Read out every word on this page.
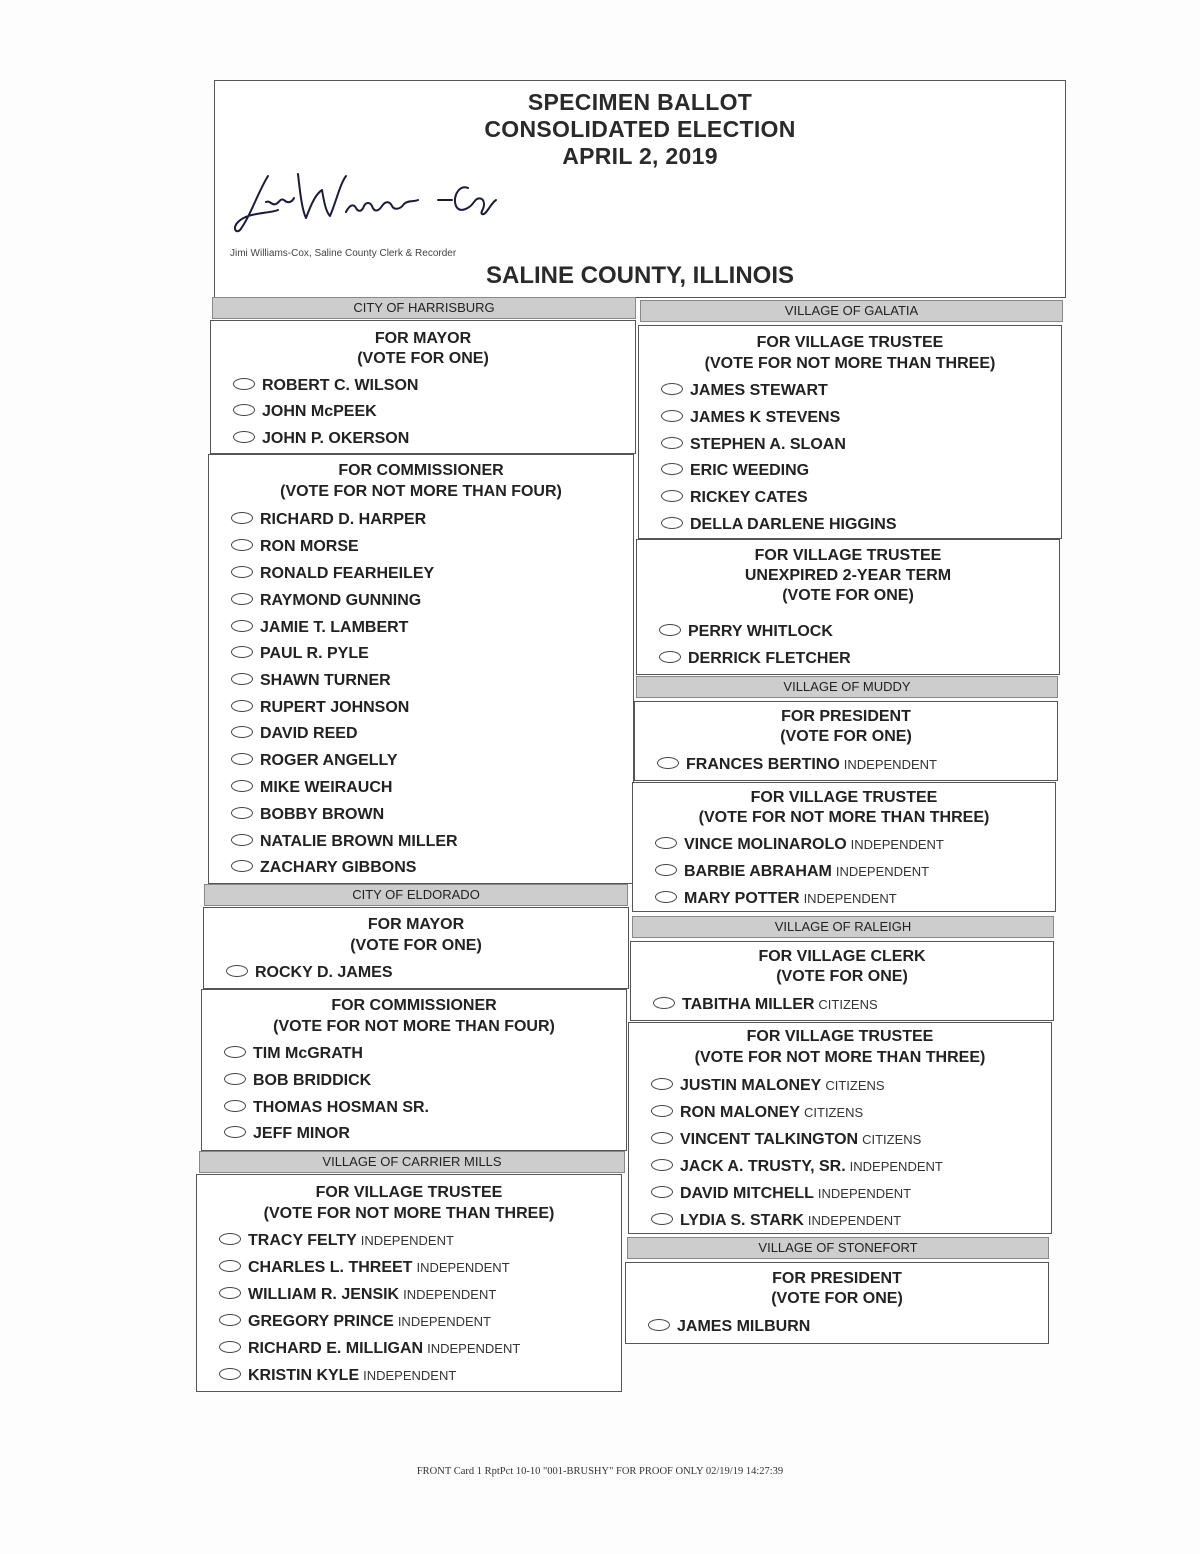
SPECIMEN BALLOT
CONSOLIDATED ELECTION
APRIL 2, 2019
Jimi Williams-Cox, Saline County Clerk & Recorder
SALINE COUNTY, ILLINOIS
CITY OF HARRISBURG
FOR MAYOR
(VOTE FOR ONE)
ROBERT C. WILSON
JOHN McPEEK
JOHN P. OKERSON
FOR COMMISSIONER
(VOTE FOR NOT MORE THAN FOUR)
RICHARD D. HARPER
RON MORSE
RONALD FEARHEILEY
RAYMOND GUNNING
JAMIE T. LAMBERT
PAUL R. PYLE
SHAWN TURNER
RUPERT JOHNSON
DAVID REED
ROGER ANGELLY
MIKE WEIRAUCH
BOBBY BROWN
NATALIE BROWN MILLER
ZACHARY GIBBONS
CITY OF ELDORADO
FOR MAYOR
(VOTE FOR ONE)
ROCKY D. JAMES
FOR COMMISSIONER
(VOTE FOR NOT MORE THAN FOUR)
TIM McGRATH
BOB BRIDDICK
THOMAS HOSMAN SR.
JEFF MINOR
VILLAGE OF CARRIER MILLS
FOR VILLAGE TRUSTEE
(VOTE FOR NOT MORE THAN THREE)
TRACY FELTY INDEPENDENT
CHARLES L. THREET INDEPENDENT
WILLIAM R. JENSIK INDEPENDENT
GREGORY PRINCE INDEPENDENT
RICHARD E. MILLIGAN INDEPENDENT
KRISTIN KYLE INDEPENDENT
VILLAGE OF GALATIA
FOR VILLAGE TRUSTEE
(VOTE FOR NOT MORE THAN THREE)
JAMES STEWART
JAMES K STEVENS
STEPHEN A. SLOAN
ERIC WEEDING
RICKEY CATES
DELLA DARLENE HIGGINS
FOR VILLAGE TRUSTEE
UNEXPIRED 2-YEAR TERM
(VOTE FOR ONE)
PERRY WHITLOCK
DERRICK FLETCHER
VILLAGE OF MUDDY
FOR PRESIDENT
(VOTE FOR ONE)
FRANCES BERTINO INDEPENDENT
FOR VILLAGE TRUSTEE
(VOTE FOR NOT MORE THAN THREE)
VINCE MOLINAROLO INDEPENDENT
BARBIE ABRAHAM INDEPENDENT
MARY POTTER INDEPENDENT
VILLAGE OF RALEIGH
FOR VILLAGE CLERK
(VOTE FOR ONE)
TABITHA MILLER CITIZENS
FOR VILLAGE TRUSTEE
(VOTE FOR NOT MORE THAN THREE)
JUSTIN MALONEY CITIZENS
RON MALONEY CITIZENS
VINCENT TALKINGTON CITIZENS
JACK A. TRUSTY, SR. INDEPENDENT
DAVID MITCHELL INDEPENDENT
LYDIA S. STARK INDEPENDENT
VILLAGE OF STONEFORT
FOR PRESIDENT
(VOTE FOR ONE)
JAMES MILBURN
FRONT Card 1 RptPct 10-10 "001-BRUSHY" FOR PROOF ONLY 02/19/19 14:27:39
